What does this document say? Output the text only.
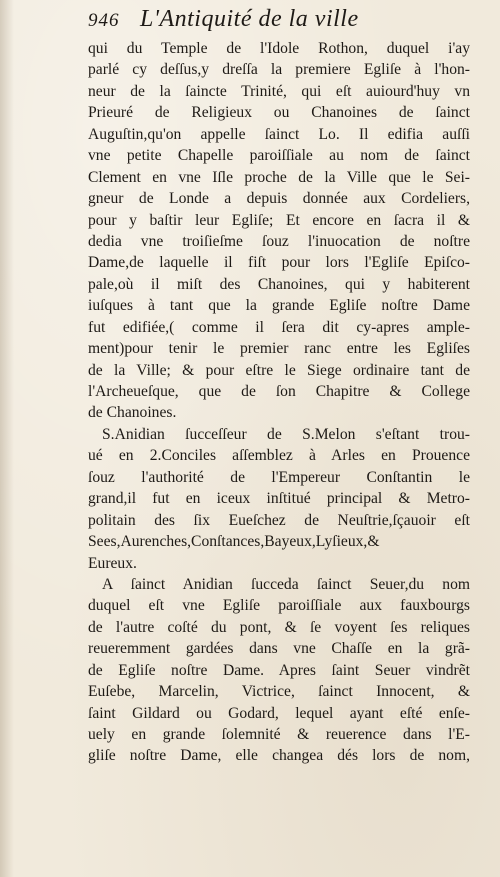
946 L'Antiquité de la ville
qui du Temple de l'Idole Rothon, duquel i'ay
parlé cy deſſus,y dreſſa la premiere Egliſe à l'hon-
neur de la ſaincte Trinité, qui eſt auiourd'huy vn
Prieuré de Religieux ou Chanoines de ſainct
Auguſtin,qu'on appelle ſainct Lo. Il edifia auſſi
vne petite Chapelle paroiſſiale au nom de ſainct
Clement en vne Iſle proche de la Ville que le Sei-
gneur de Londe a depuis donnée aux Cordeliers,
pour y baſtir leur Egliſe; Et encore en ſacra il &
dedia vne troiſieſme ſouz l'inuocation de noſtre
Dame,de laquelle il fiſt pour lors l'Egliſe Epiſco-
pale,où il miſt des Chanoines, qui y habiterent
iuſques à tant que la grande Egliſe noſtre Dame
fut edifiée,( comme il ſera dit cy-apres ample-
ment)pour tenir le premier ranc entre les Egliſes
de la Ville; & pour eſtre le Siege ordinaire tant de
l'Archeueſque, que de ſon Chapitre & College
de Chanoines.
S.Anidian ſucceſſeur de S.Melon s'eſtant trou-
ué en 2.Conciles aſſemblez à Arles en Prouence
ſouz l'authorité de l'Empereur Conſtantin le
grand,il fut en iceux inſtitué principal & Metro-
politain des ſix Eueſchez de Neuſtrie,ſçauoir eſt
Sees,Aurenches,Conſtances,Bayeux,Lyſieux,&
Eureux.
A ſainct Anidian ſucceda ſainct Seuer,du nom
duquel eſt vne Egliſe paroiſſiale aux fauxbourgs
de l'autre coſté du pont, & ſe voyent ſes reliques
reueremment gardées dans vne Chaſſe en la grã-
de Egliſe noſtre Dame. Apres ſaint Seuer vindrẽt
Euſebe, Marcelin, Victrice, ſainct Innocent, &
ſaint Gildard ou Godard, lequel ayant eſté enſe-
uely en grande ſolemnité & reuerence dans l'E-
gliſe noſtre Dame, elle changea dés lors de nom,
